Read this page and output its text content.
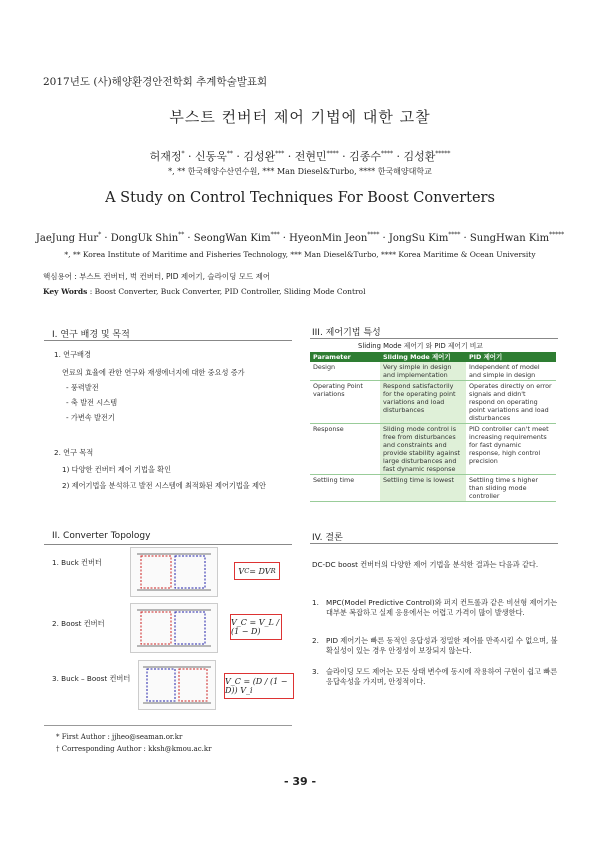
2017년도 (사)해양환경안전학회 추계학술발표회
부스트 컨버터 제어 기법에 대한 고찰
허재정* · 신동욱** · 김성완*** · 전현민**** · 김종수**** · 김성환*****
*, ** 한국해양수산연수원, *** Man Diesel&Turbo, **** 한국해양대학교
A Study on Control Techniques For Boost Converters
JaeJung Hur* · DongUk Shin** · SeongWan Kim*** · HyeonMin Jeon**** · JongSu Kim**** · SungHwan Kim*****
*, ** Korea Institute of Maritime and Fisheries Technology, *** Man Diesel&Turbo, **** Korea Maritime & Ocean University
핵심용어 : 부스트 컨버터, 벅 컨버터, PID 제어기, 슬라이딩 모드 제어
Key Words : Boost Converter, Buck Converter, PID Controller, Sliding Mode Control
I. 연구 배경 및 목적
1. 연구배경
연료의 효율에 관한 연구와 재생에너지에 대한 중요성 증가
- 풍력발전
- 축 발전 시스템
- 가변속 발전기
2. 연구 목적
1) 다양한 컨버터 제어 기법을 확인
2) 제어기법을 분석하고 발전 시스템에 최적화된 제어기법을 제안
III. 제어기법 특성
Sliding Mode 제어기 와 PID 제어기 비교
Parameter	Sliding Mode 제어기	PID 제어기
Design	Very simple in design and implementation	Independent of model and simple in design
Operating Point variations	Respond satisfactorily for the operating point variations and load disturbances	Operates directly on error signals and didn't respond on operating point variations and load disturbances
Response	Sliding mode control is free from disturbances and constraints and provide stability against large disturbances and fast dynamic response	PID controller can't meet increasing requirements for fast dynamic response, high control precision
Settling time	Settling time is lowest	Settling time s higher than sliding mode controller
II. Converter Topology
1. Buck 컨버터
V C = DV R
2. Boost 컨버터	V_C = V_L / (1 − D)
3. Buck – Boost 컨버터	V_C = (D / (1 − D)) V_i
IV. 결론
DC-DC boost 컨버터의 다양한 제어 기법을 분석한 결과는 다음과 같다.
1. MPC(Model Predictive Control)와 퍼지 컨트롤과 같은 비선형 제어기는 대부분 복잡하고 실제 응용에서는 어렵고 가격이 많이 발생한다.
2. PID 제어기는 빠른 동적인 응답성과 정밀한 제어를 만족시킬 수 없으며, 불확실성이 있는 경우 안정성이 보장되지 않는다.
3. 슬라이딩 모드 제어는 모든 상태 변수에 동시에 작용하여 구현이 쉽고 빠른 응답속성을 가지며, 안정적이다.
* First Author : jjheo@seaman.or.kr
† Corresponding Author : kksh@kmou.ac.kr
- 39 -
